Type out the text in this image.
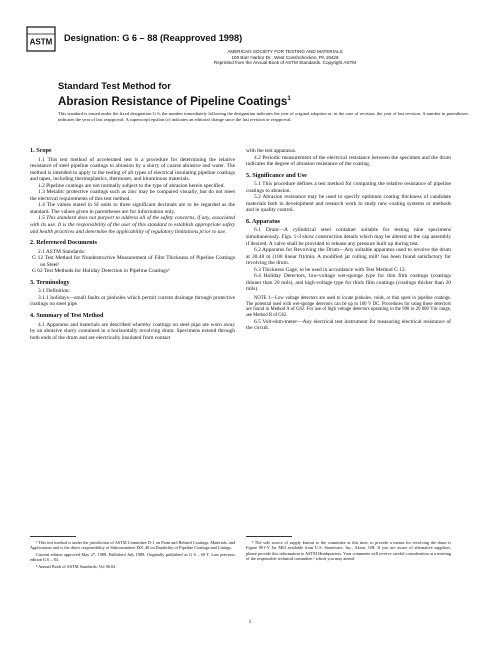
ASTM Designation: G 6 – 88 (Reapproved 1998)
AMERICAN SOCIETY FOR TESTING AND MATERIALS
100 Barr Harbor Dr., West Conshohocken, PA 19428
Reprinted from the Annual Book of ASTM Standards. Copyright ASTM
Standard Test Method for
Abrasion Resistance of Pipeline Coatings$^1$
This standard is issued under the fixed designation G 6; the number immediately following the designation indicates the year of original adoption or, in the case of revision, the year of last revision. A number in parentheses indicates the year of last reapproval. A superscript epsilon (ε) indicates an editorial change since the last revision or reapproval.
1. Scope

1.1 This test method of accelerated test is a procedure for determining the relative resistance of steel pipeline coatings to abrasion by a slurry of coarse abrasive and water. The method is intended to apply to the testing of all types of electrical insulating pipeline coatings and tapes, including thermoplastics, thermoset, and bituminous materials.

1.2 Pipeline coatings are not normally subject to the type of abrasion herein specified.

1.3 Metallic protective coatings such as zinc may be compared visually, but do not meet the electrical requirements of this test method.

1.4 The values stated in SI units to three significant decimals are to be regarded as the standard. The values given in parentheses are for information only.

1.5 This standard does not purport to address all of the safety concerns, if any, associated with its use. It is the responsibility of the user of this standard to establish appropriate safety and health practices and determine the applicability of regulatory limitations prior to use.

2. Referenced Documents

2.1 ASTM Standards:

G 12 Test Method for Nondestructive Measurement of Film Thickness of Pipeline Coatings on Steel²

G 62 Test Methods for Holiday Detection in Pipeline Coatings²

3. Terminology

3.1 Definition:

3.1.1 holidays—small faults or pinholes which permit current drainage through protective coatings on steel pipe.

4. Summary of Test Method

4.1 Apparatus and materials are described whereby coatings on steel pipe are worn away by an abrasive slurry contained in a horizontally revolving drum. Specimens extend through both ends of the drum and are electrically insulated from contact

with the test apparatus.

4.2 Periodic measurement of the electrical resistance between the specimen and the drum indicates the degree of abrasion resistance of the coating.

5. Significance and Use

5.1 This procedure defines a test method for comparing the relative resistance of pipeline coatings to abrasion.

5.2 Abrasion resistance may be used to specify optimum coating thickness of candidate materials both in development and research work to study new coating systems or methods and in quality control.

6. Apparatus

6.1 Drum—A cylindrical steel container suitable for testing nine specimens simultaneously. Figs. 1-3 show construction details which may be altered at the cap assembly if desired. A valve shall be provided to release any pressure built up during test.

6.2 Apparatus for Revolving the Drum—Any suitable apparatus used to revolve the drum at 30.48 m (100 linear ft)/min. A modified jar rolling mill³ has been found satisfactory for revolving the drum.

6.3 Thickness Gage, to be used in accordance with Test Method G 12.

6.4 Holiday Detectors, low-voltage wet-sponge type for thin film coatings (coatings thinner than 20 mils), and high-voltage type for thick film coatings (coatings thicker than 20 mils).

NOTE 1—Low voltage detectors are used to locate pinholes, voids, or thin spots in pipeline coatings. The potential used with wet-sponge detectors can be up to 100 V DC. Procedures for using these detectors are found in Method A of G62. For use of high voltage detectors operating in the 900 to 20 000 Vdc range, see Method B of G62.

6.5 Volt-ohm-meter—Any electrical test instrument for measuring electrical resistance of the circuit.

¹ This test method is under the jurisdiction of ASTM Committee D-1 on Paint and Related Coatings, Materials, and Applications and is the direct responsibility of Subcommittee D01.48 on Durability of Pipeline Coatings and Linings.

Current edition approved May 27, 1988. Published July 1988. Originally published as G 6 – 69 T. Last previous edition G 6 – 83.

² Annual Book of ASTM Standards, Vol 06.02.

³ The sole source of supply known to the committee at this time, to provide a means for revolving the drum is Figure 801-V Jar Mill available from U.S. Stoneware, Inc., Akron, OH. If you are aware of alternative suppliers, please provide this information to ASTM Headquarters. Your comments will receive careful consideration at a meeting of the responsible technical committee,¹ which you may attend.

1
